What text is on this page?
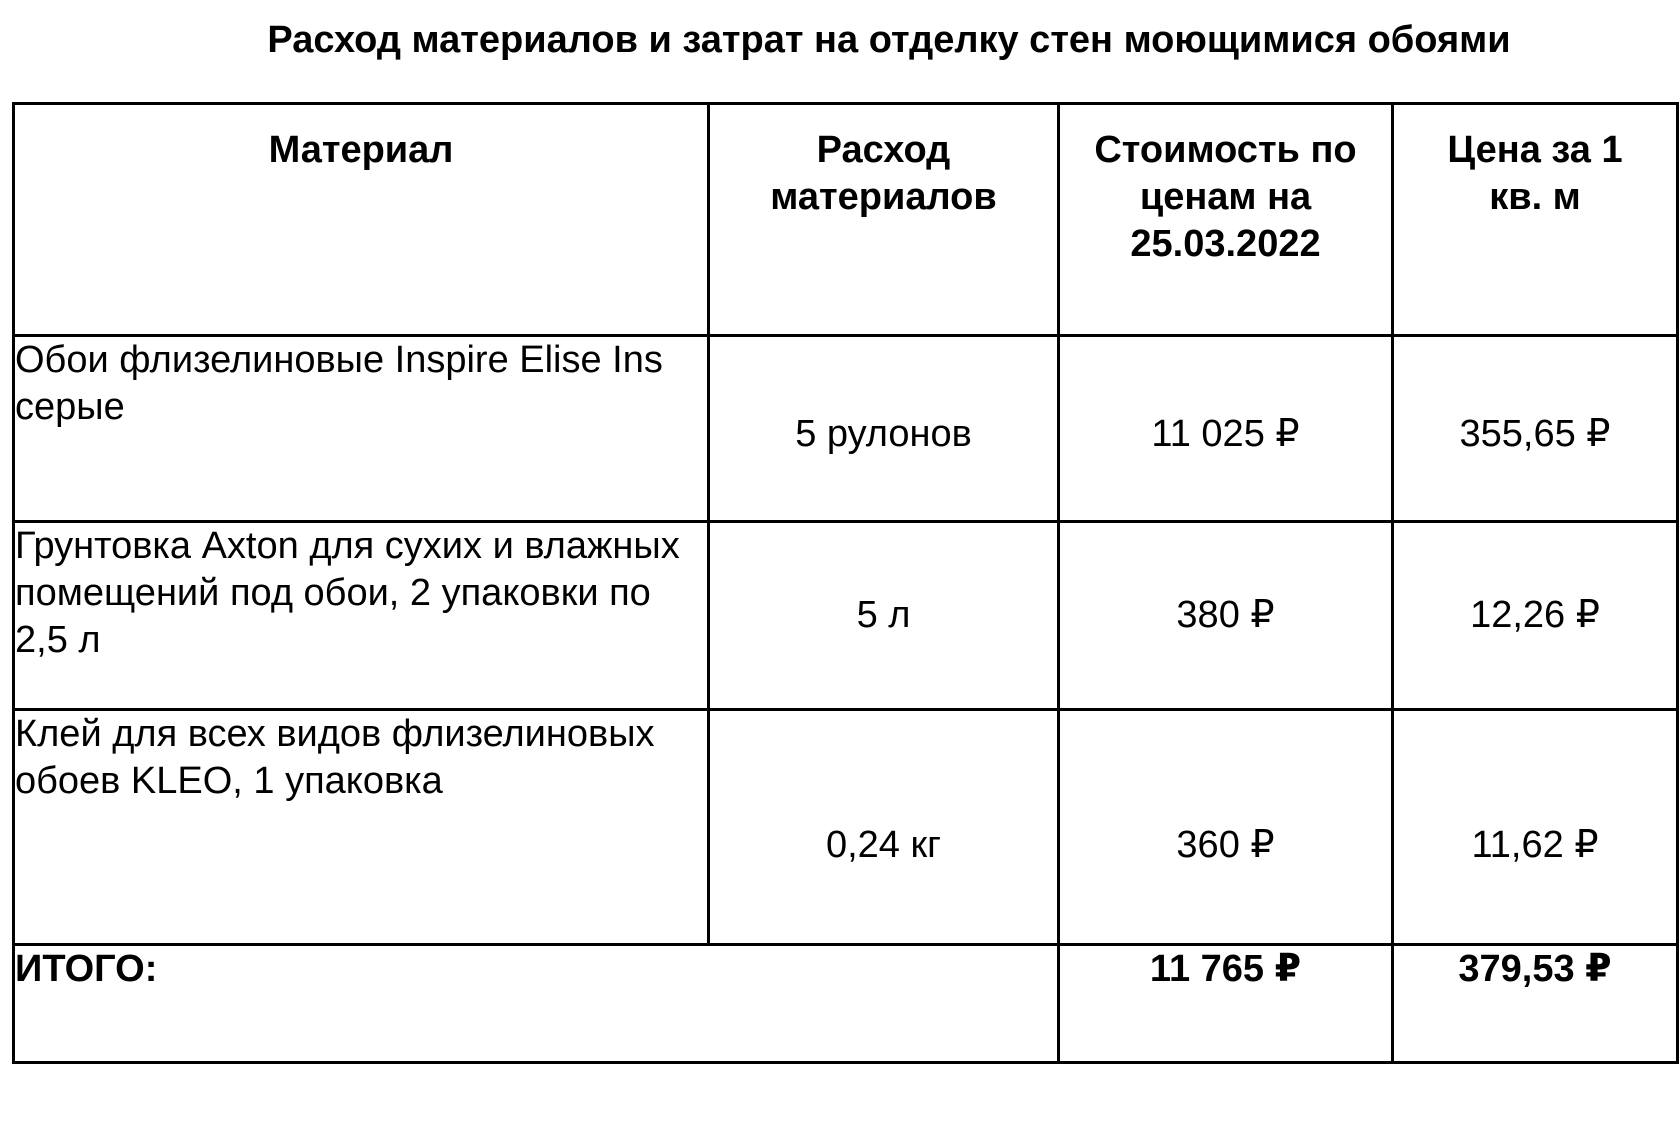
Расход материалов и затрат на отделку стен моющимися обоями
Материал	Расход материалов	Стоимость по ценам на 25.03.2022	Цена за 1 кв. м
Обои флизелиновые Inspire Elise Ins серые	5 рулонов	11 025 ₽	355,65 ₽
Грунтовка Axton для сухих и влажных помещений под обои, 2 упаковки по 2,5 л	5 л	380 ₽	12,26 ₽
Клей для всех видов флизелиновых обоев KLEO, 1 упаковка	0,24 кг	360 ₽	11,62 ₽
ИТОГО:		11 765 ₽	379,53 ₽
